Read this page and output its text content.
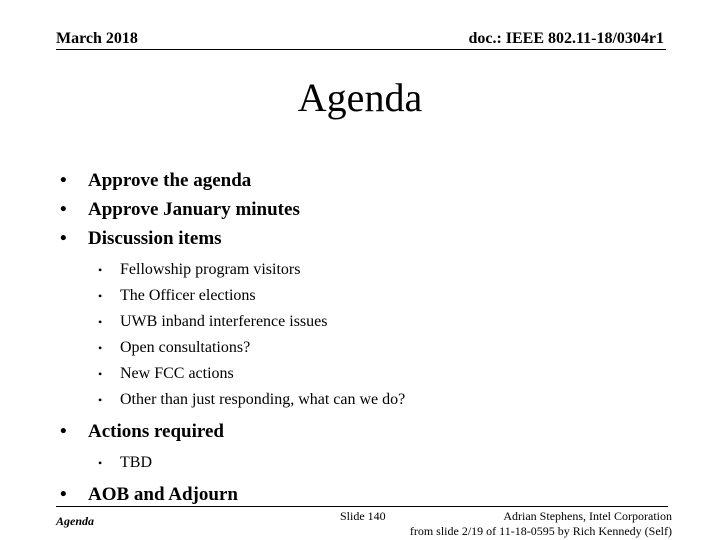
March 2018	doc.: IEEE 802.11-18/0304r1
Agenda
• Approve the agenda
• Approve January minutes
• Discussion items
• Fellowship program visitors
• The Officer elections
• UWB inband interference issues
• Open consultations?
• New FCC actions
• Other than just responding, what can we do?
• Actions required
• TBD
• AOB and Adjourn
Agenda	Slide 140	Adrian Stephens, Intel Corporation
from slide 2/19 of 11-18-0595 by Rich Kennedy (Self)
